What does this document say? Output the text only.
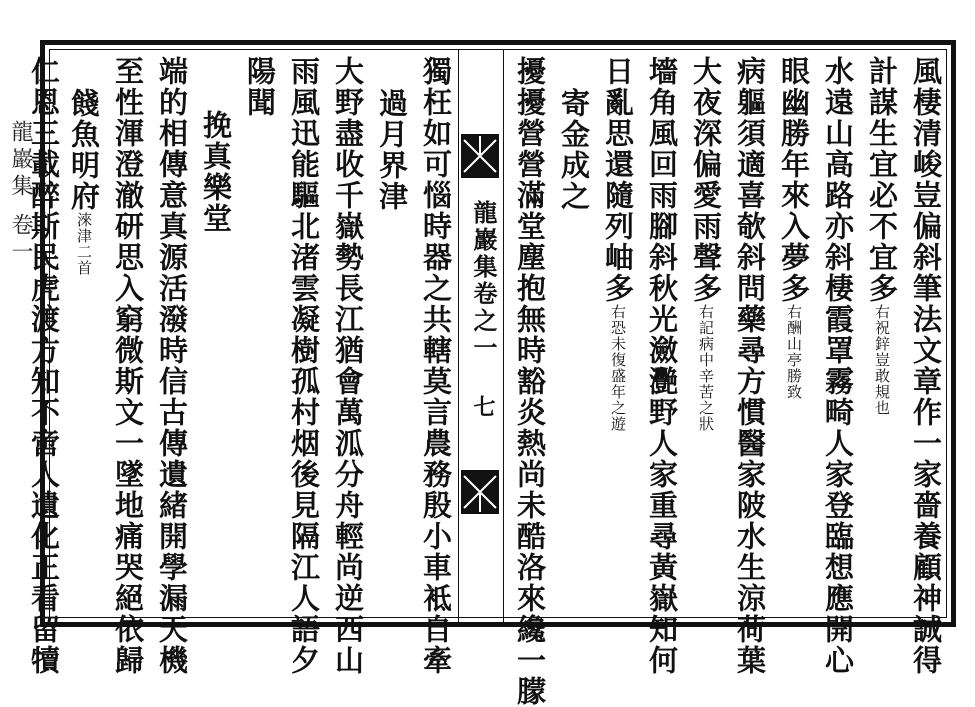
龍巖集 卷一	風棲清峻豈偏斜筆法文章作一家嗇養顧神誠得
計謀生宜必不宜多右祝鋅豈敢規也
水遠山高路亦斜棲霞罩霧畸人家登臨想應開心
眼幽勝年來入夢多右酬山亭勝致
病軀須適喜欹斜問藥尋方慣醫家陂水生涼荷葉
大夜深偏愛雨聲多右記病中辛苦之狀
墻角風回雨腳斜秋光瀲灧野人家重尋黃嶽知何
日亂思還隨列岫多右恐未復盛年之遊
寄金成之
擾擾營營滿堂塵抱無時豁炎熱尚未酷洛來纔一朦
龍巖集卷之一
七
獨枉如可惱時器之共轄莫言農務殷小車袛自牽
過月界津
大野盡收千嶽勢長江猶會萬泒分舟輕尚逆西山
雨風迅能驅北渚雲凝樹孤村烟後見隔江人語夕
陽聞
挽真樂堂
端的相傳意真源活潑時信古傳遺緒開學漏天機
至性渾澄澈研思入窮微斯文一墜地痛哭絕依歸
餞魚明府淶津二首
仁恩三載醉斯民虎渡方知不啻人遺化正看留犢
